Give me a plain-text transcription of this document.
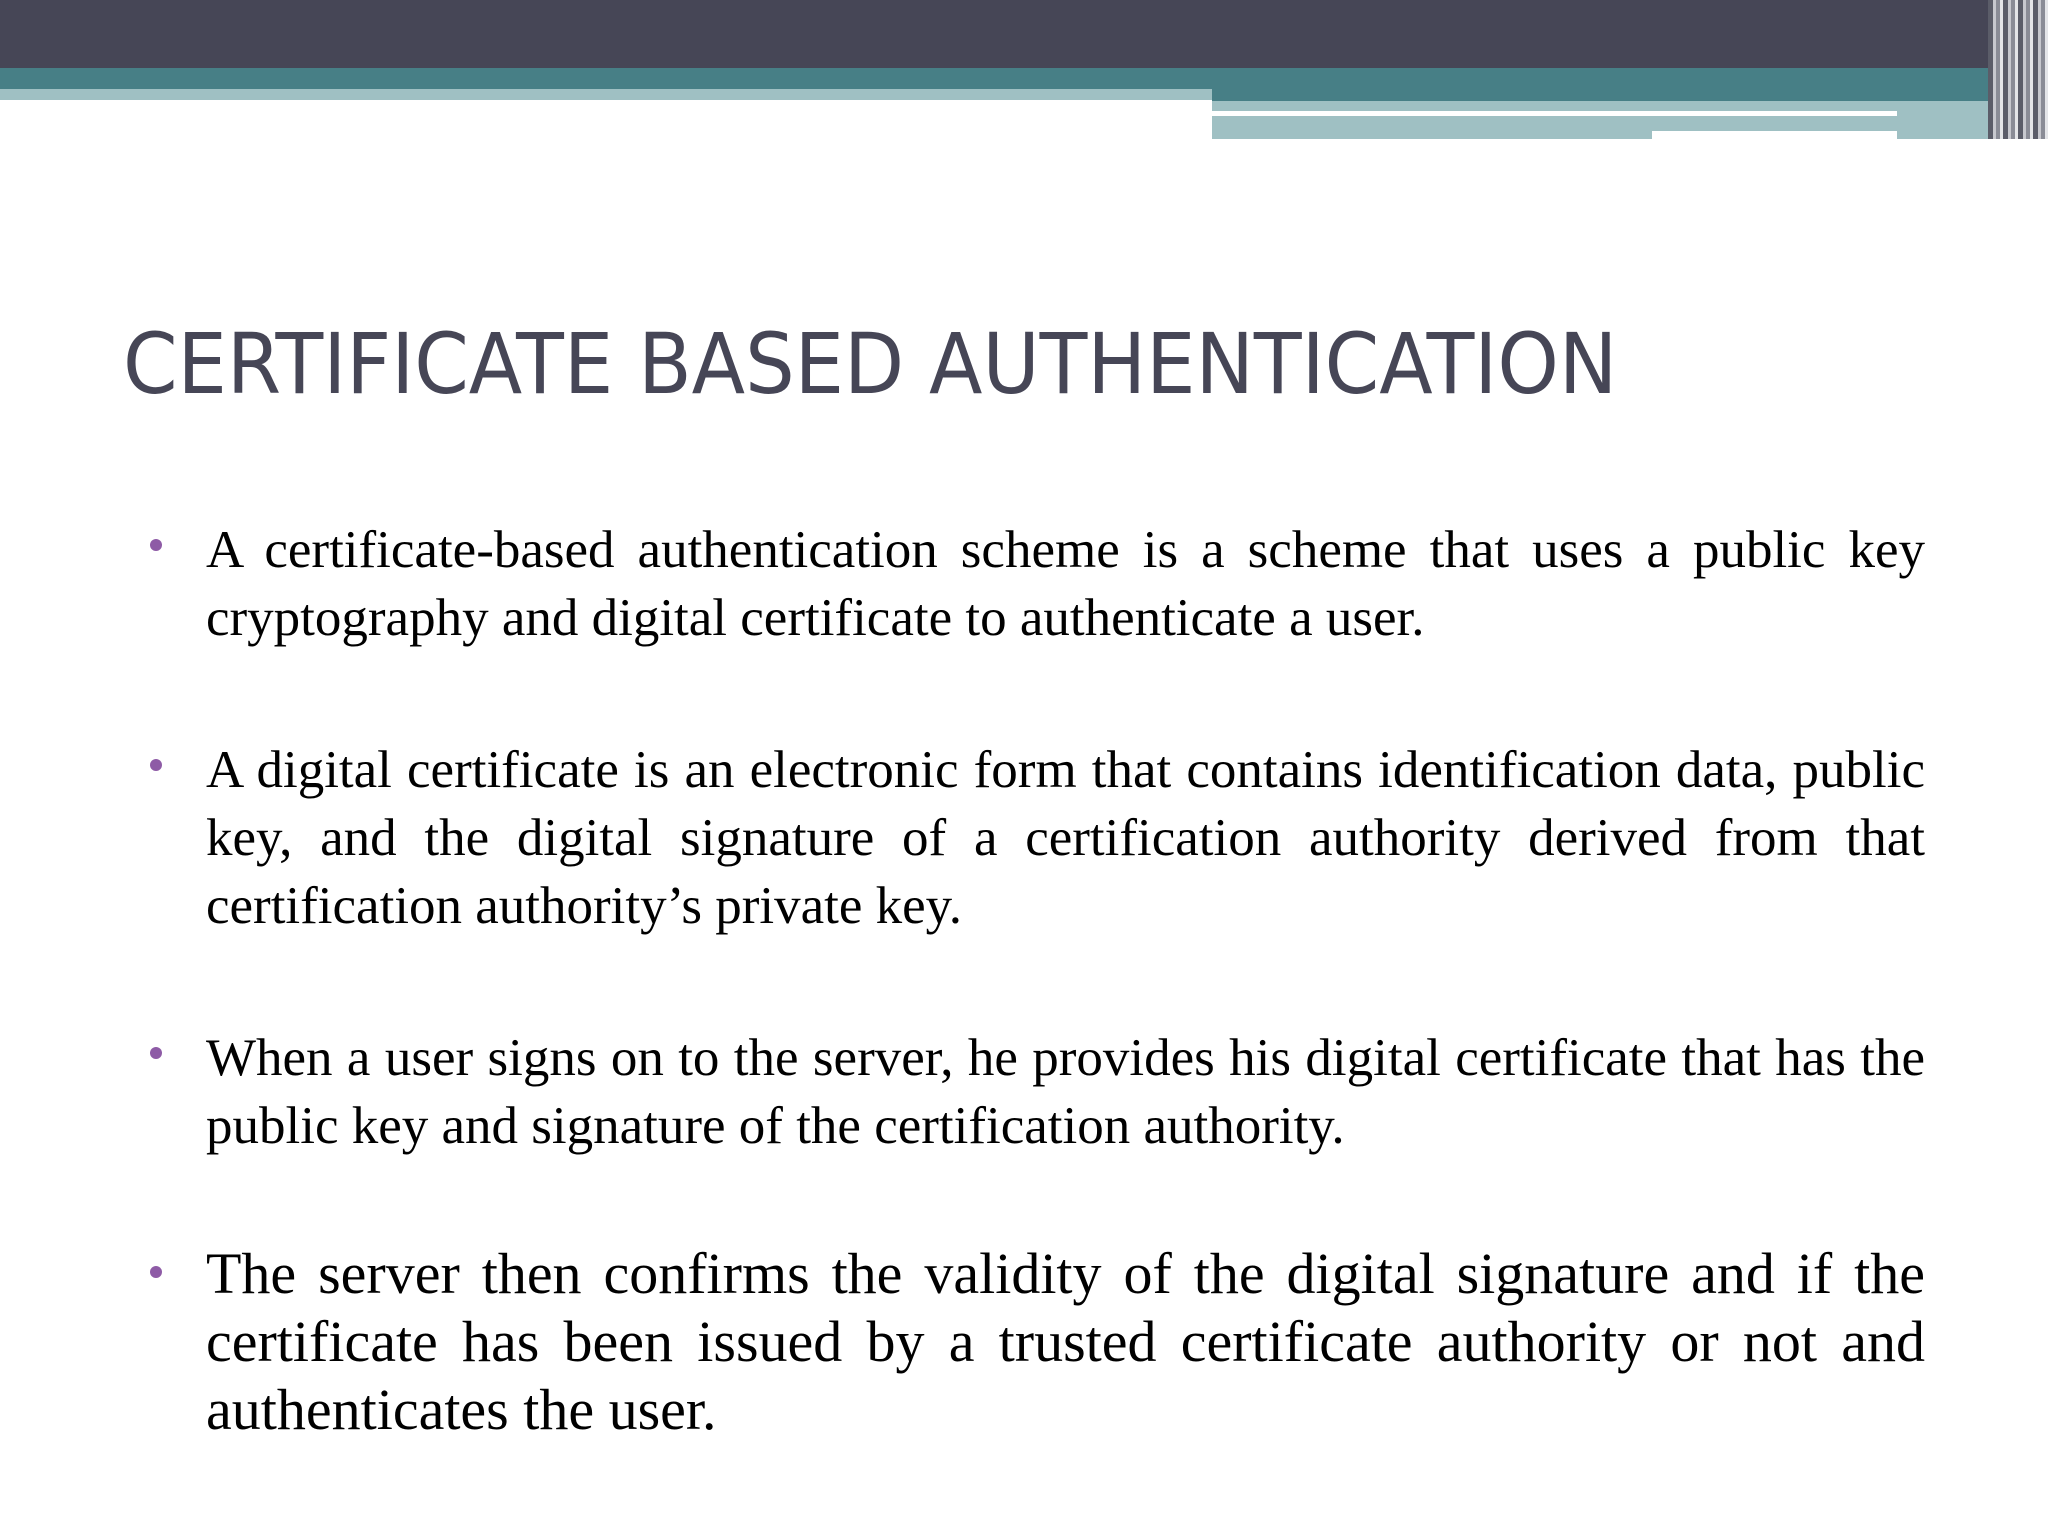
CERTIFICATE BASED AUTHENTICATION
A certificate-based authentication scheme is a scheme that uses a public key cryptography and digital certificate to authenticate a user.
A digital certificate is an electronic form that contains identification data, public key, and the digital signature of a certification authority derived from that certification authority’s private key.
When a user signs on to the server, he provides his digital certificate that has the public key and signature of the certification authority.
The server then confirms the validity of the digital signature and if the certificate has been issued by a trusted certificate authority or not and authenticates the user.
